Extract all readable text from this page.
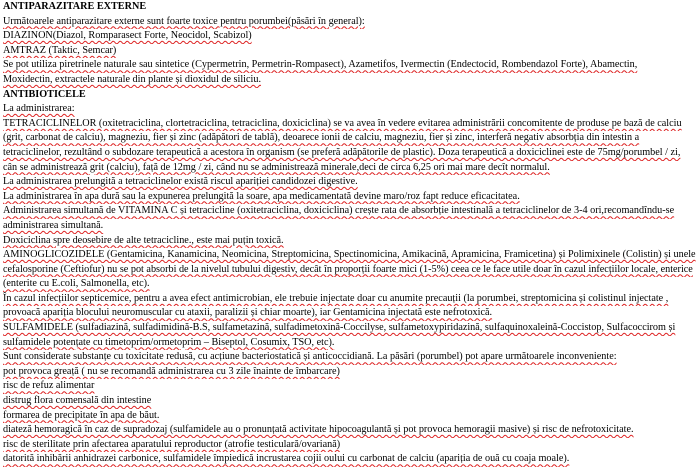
ANTIPARAZITARE EXTERNE
Următoarele antiparazitare externe sunt foarte toxice pentru porumbei(păsări în general):
DIAZINON(Diazol, Romparasect Forte, Neocidol, Scabizol)
AMTRAZ (Taktic, Semcar)
Se pot utiliza piretrinele naturale sau sintetice (Cypermetrin, Permetrin-Rompasect), Azametifos, Ivermectin (Endectocid, Rombendazol Forte), Abamectin,
Moxidectin, extractele naturale din plante și dioxidul de siliciu.
ANTIBIOTICELE
La administrarea:
TETRACICLINELOR (oxitetraciclina, clortetraciclina, tetraciclina, doxiciclina) se va avea în vedere evitarea administrării concomitente de produse pe bază de calciu
(grit, carbonat de calciu), magneziu, fier și zinc (adăpători de tablă), deoarece ionii de calciu, magneziu, fier și zinc, interferă negativ absorbția din intestin a
tetraciclinelor, rezultând o subdozare terapeutică a acestora în organism (se preferă adăpătorile de plastic). Doza terapeutică a doxiciclinei este de 75mg/porumbel / zi,
cân se administrează grit (calciu), față de 12mg / zi, când nu se administrează minerale,deci de circa 6,25 ori mai mare decît normalul.
La administrarea prelungită a tetraciclinelor există riscul apariției candidozei digestive.
La administrarea în apa dură sau la expunerea prelungită la soare, apa medicamentată devine maro/roz fapt reduce eficacitatea.
Administrarea simultană de VITAMINA C și tetraciclinе (oxitetraciclina, doxiciclina) crește rata de absorbție intestinală a tetraciclinelor de 3-4 ori,recomandîndu-se
administrarea simultană.
Doxiciclina spre deosebire de alte tetracicline., este mai puțin toxică.
AMINOGLICOZIDELE (Gentamicina, Kanamicina, Neomicina, Streptomicina, Spectinomicina, Amikacină, Apramicina, Framicetina) și Polimixinele (Colistin) și unele
cefalosporine (Ceftiofur) nu se pot absorbi de la nivelul tubului digestiv, decât în proporții foarte mici (1-5%) ceea ce le face utile doar în cazul infecțiilor locale, enterice
(enterite cu E.coli, Salmonella, etc).
În cazul infecțiilor septicemice, pentru a avea efect antimicrobian, ele trebuie injectate doar cu anumite precauții (la porumbei, streptomicina și colistinul injectate ,
provoacă apariția blocului neuromuscular cu ataxii, paralizii și chiar moarte), iar Gentamicina injectată este nefrotoxică.
SULFAMIDELE (sulfadiazină, sulfadimidină-B.S, sulfametazină, sulfadimetoxină-Coccilyse, sulfametoxypiridazină, sulfaquinoxaleină-Coccistop, Sulfacoccirom și
sulfamidele potențate cu timetoprim/ormetoprim – Biseptol, Cosumix, TSO, etc).
Sunt considerate substanțe cu toxicitate redusă, cu acțiune bacteriostatică și anticoccidiană. La păsări (porumbel) pot apare următoarele inconveniente:
pot provoca greață ( nu se recomandă administrarea cu 3 zile înainte de îmbarcare)
risc de refuz alimentar
distrug flora comensală din intestine
formarea de precipitate în apa de băut.
diateză hemoragică în caz de supradozaj (sulfamidele au o pronunțată activitate hipocoagulantă și pot provoca hemoragii masive) și risc de nefrotoxicitate.
risc de sterilitate prin afectarea aparatului reproductor (atrofie testiculară/ovariană)
datorită inhibării anhidrazei carbonice, sulfamidele împiedică incrustarea cojii oului cu carbonat de calciu (apariția de ouă cu coaja moale).
